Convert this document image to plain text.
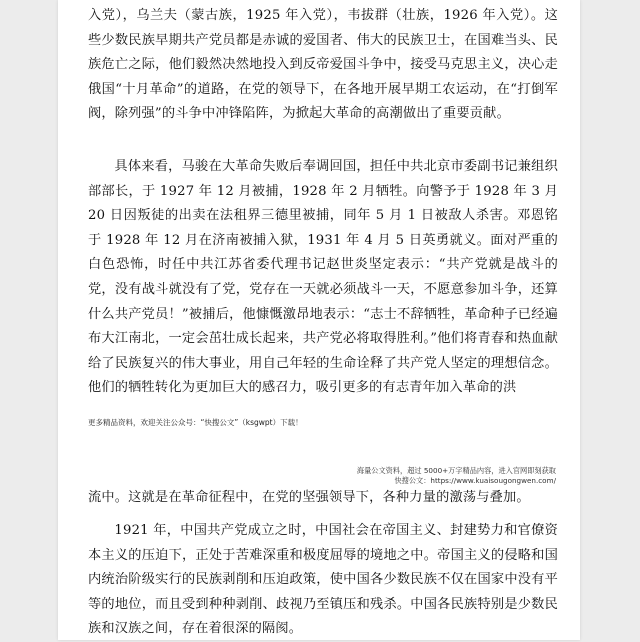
入党），乌兰夫（蒙古族，1925 年入党），韦拔群（壮族，1926 年入党）。这些少数民族早期共产党员都是赤诚的爱国者、伟大的民族卫士，在国难当头、民族危亡之际，他们毅然决然地投入到反帝爱国斗争中，接受马克思主义，决心走俄国“十月革命”的道路，在党的领导下，在各地开展早期工农运动，在“打倒军阀，除列强”的斗争中冲锋陷阵，为掀起大革命的高潮做出了重要贡献。

具体来看，马骏在大革命失败后奉调回国，担任中共北京市委副书记兼组织部部长，于 1927 年 12 月被捕，1928 年 2 月牺牲。向警予于 1928 年 3 月 20 日因叛徒的出卖在法租界三德里被捕，同年 5 月 1 日被敌人杀害。邓恩铭于 1928 年 12 月在济南被捕入狱，1931 年 4 月 5 日英勇就义。面对严重的白色恐怖，时任中共江苏省委代理书记赵世炎坚定表示：“共产党就是战斗的党，没有战斗就没有了党，党存在一天就必须战斗一天，不愿意参加斗争，还算什么共产党员！”被捕后，他慷慨激昂地表示：“志士不辞牺牲，革命种子已经遍布大江南北，一定会茁壮成长起来，共产党必将取得胜利。”他们将青春和热血献给了民族复兴的伟大事业，用自己年轻的生命诠释了共产党人坚定的理想信念。他们的牺牲转化为更加巨大的感召力，吸引更多的有志青年加入革命的洪

更多精品资料，欢迎关注公众号：“快搜公文”（ksgwpt）下载！
海量公文资料，超过 5000+万字精品内容，进入官网即刻获取
快搜公文：https://www.kuaisougongwen.com/

流中。这就是在革命征程中，在党的坚强领导下，各种力量的激荡与叠加。

1921 年，中国共产党成立之时，中国社会在帝国主义、封建势力和官僚资本主义的压迫下，正处于苦难深重和极度屈辱的境地之中。帝国主义的侵略和国内统治阶级实行的民族剥削和压迫政策，使中国各少数民族不仅在国家中没有平等的地位，而且受到种种剥削、歧视乃至镇压和残杀。中国各民族特别是少数民族和汉族之间，存在着很深的隔阂。
